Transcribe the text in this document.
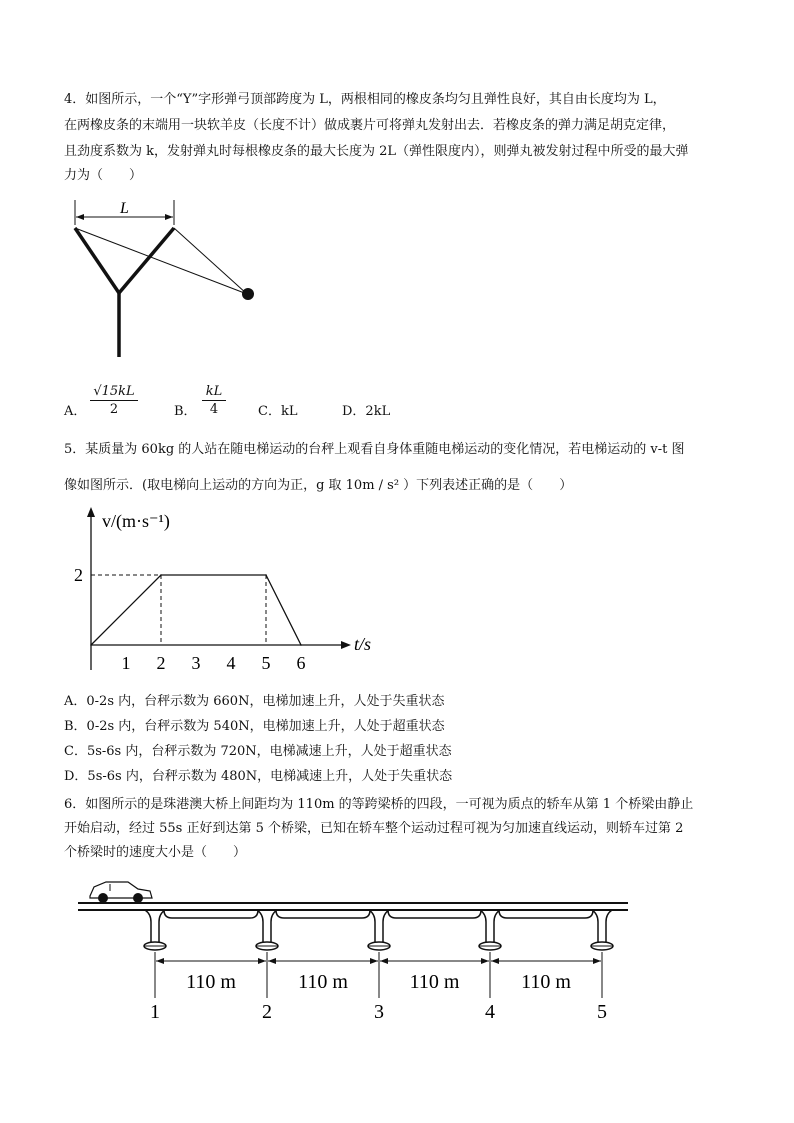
4．如图所示，一个“Y”字形弹弓顶部跨度为 L，两根相同的橡皮条均匀且弹性良好，其自由长度均为 L，
在两橡皮条的末端用一块软羊皮（长度不计）做成裹片可将弹丸发射出去．若橡皮条的弹力满足胡克定律，
且劲度系数为 k，发射弹丸时每根橡皮条的最大长度为 2L（弹性限度内），则弹丸被发射过程中所受的最大弹
力为（　　）
L
A．
√15kL
2	B．
kL
4	C．kL	D．2kL
5．某质量为 60kg 的人站在随电梯运动的台秤上观看自身体重随电梯运动的变化情况，若电梯运动的 v-t 图
像如图所示．(取电梯向上运动的方向为正，g 取 10m / s² ）下列表述正确的是（　　）
v/(m·s⁻¹)
t/s
1 2 3 4 5 6
2
A．0-2s 内，台秤示数为 660N，电梯加速上升，人处于失重状态
B．0-2s 内，台秤示数为 540N，电梯加速上升，人处于超重状态
C．5s-6s 内，台秤示数为 720N，电梯减速上升，人处于超重状态
D．5s-6s 内，台秤示数为 480N，电梯减速上升，人处于失重状态
6．如图所示的是珠港澳大桥上间距均为 110m 的等跨梁桥的四段，一可视为质点的轿车从第 1 个桥梁由静止
开始启动，经过 55s 正好到达第 5 个桥梁，已知在轿车整个运动过程可视为匀加速直线运动，则轿车过第 2
个桥梁时的速度大小是（　　）
1	2	3	4	5
110 m	110 m	110 m	110 m
